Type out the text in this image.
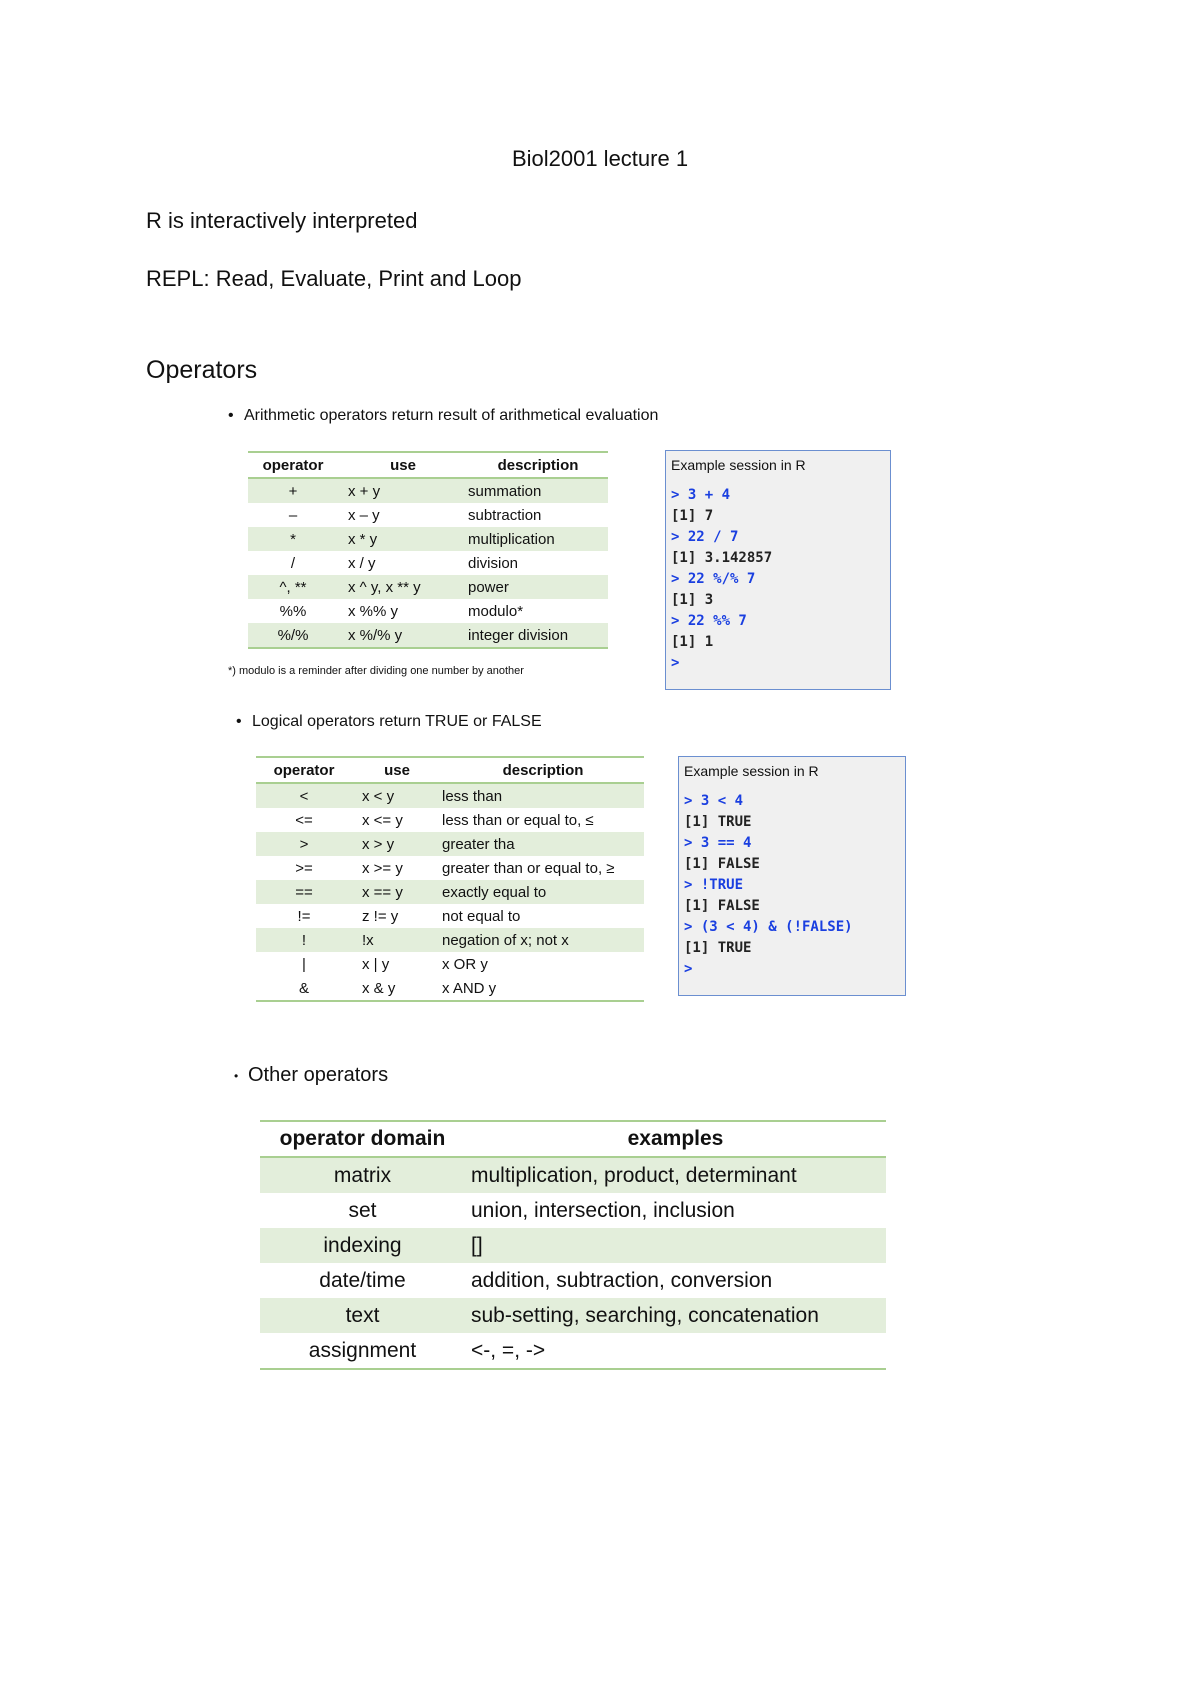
Biol2001 lecture 1
R is interactively interpreted
REPL: Read, Evaluate, Print and Loop
Operators
• Arithmetic operators return result of arithmetical evaluation
operator	use	description
+	x + y	summation
–	x – y	subtraction
*	x * y	multiplication
/	x / y	division
^, **	x ^ y, x ** y	power
%%	x %% y	modulo*
%/%	x %/% y	integer division
*) modulo is a reminder after dividing one number by another
Example session in R
> 3 + 4
[1] 7
> 22 / 7
[1] 3.142857
> 22 %/% 7
[1] 3
> 22 %% 7
[1] 1
>
• Logical operators return TRUE or FALSE
operator	use	description
<	x < y	less than
<=	x <= y	less than or equal to, ≤
>	x > y	greater tha
>=	x >= y	greater than or equal to, ≥
==	x == y	exactly equal to
!=	z != y	not equal to
!	!x	negation of x; not x
|	x | y	x OR y
&	x & y	x AND y
Example session in R
> 3 < 4
[1] TRUE
> 3 == 4
[1] FALSE
> !TRUE
[1] FALSE
> (3 < 4) & (!FALSE)
[1] TRUE
>
• Other operators
operator domain	examples
matrix	multiplication, product, determinant
set	union, intersection, inclusion
indexing	[]
date/time	addition, subtraction, conversion
text	sub-setting, searching, concatenation
assignment	<-, =, ->
